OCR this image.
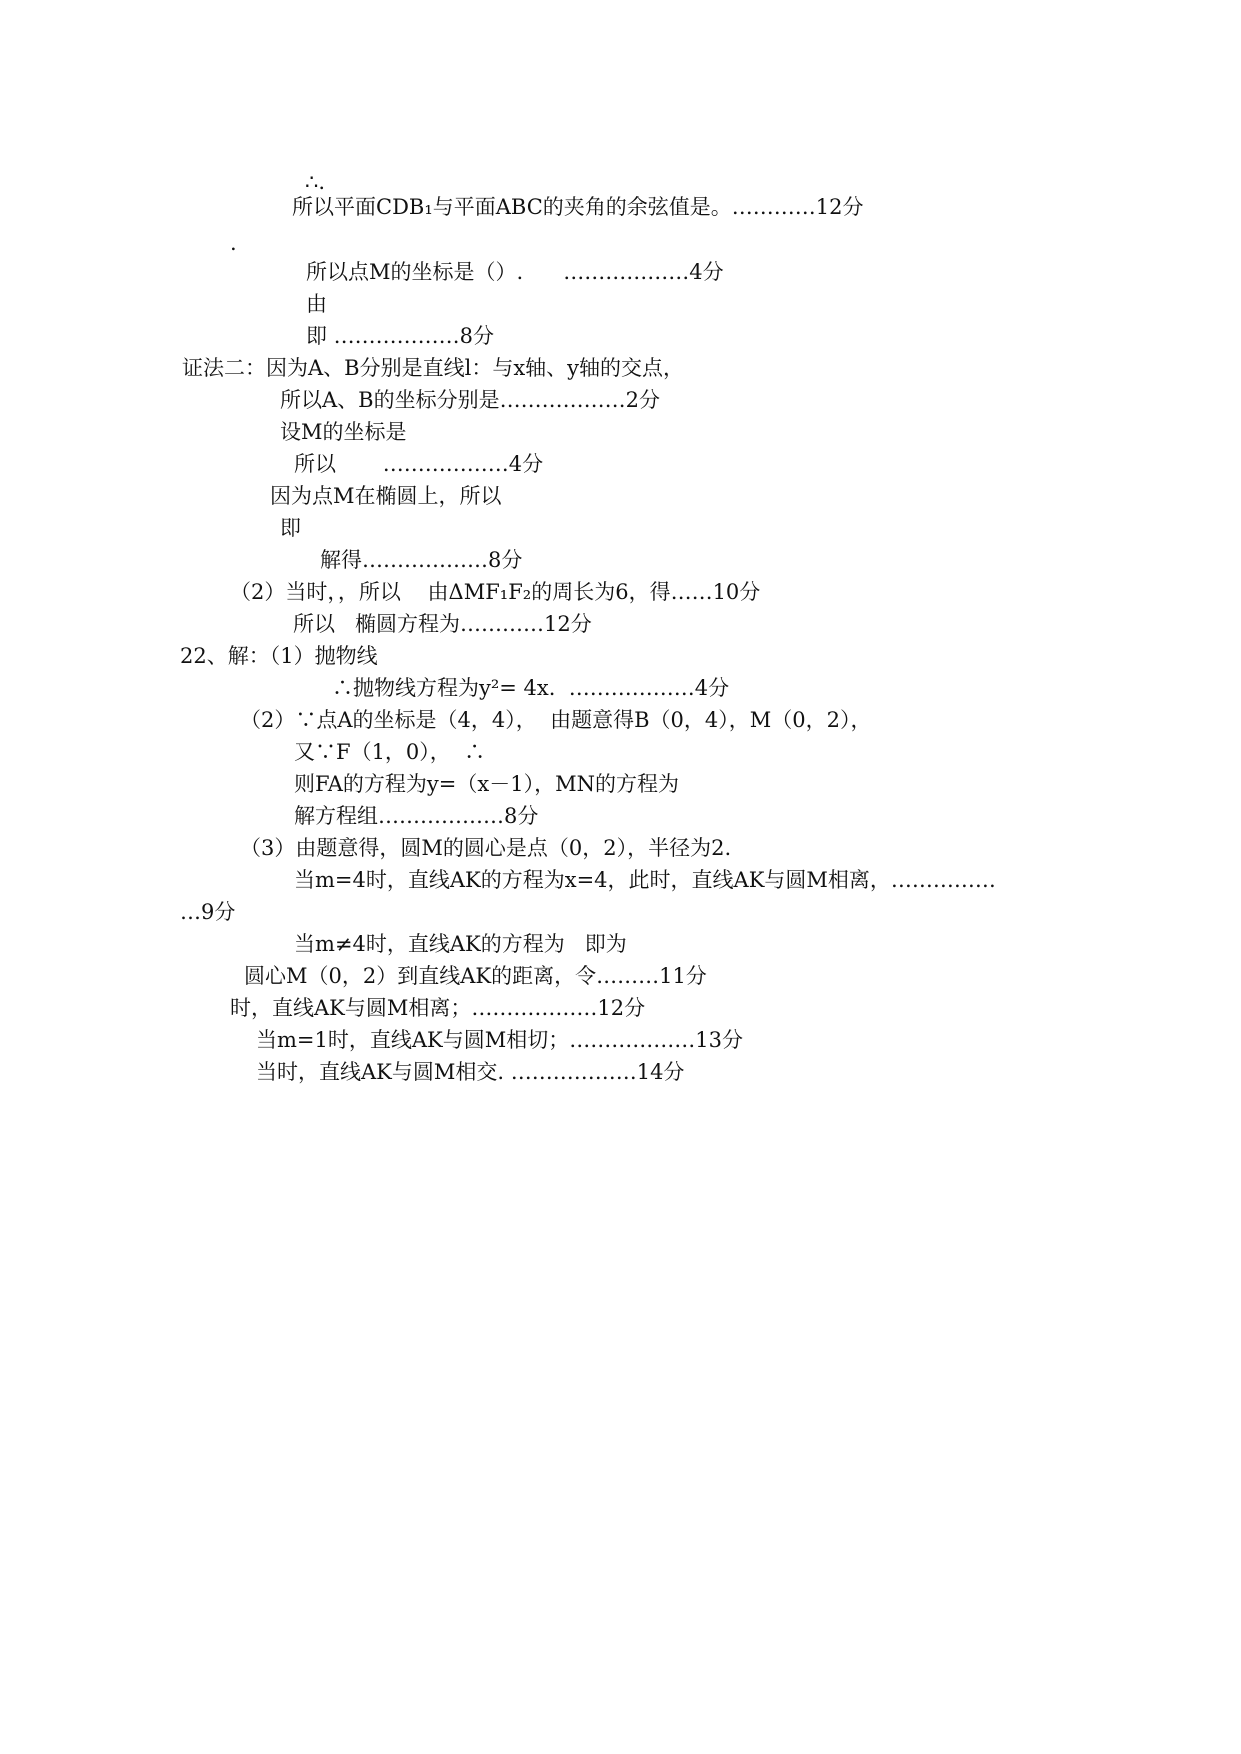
∴.
所以平面CDB₁与平面ABC的夹角的余弦值是。…………12分
.
所以点M的坐标是（）.      ………………4分
由
即 ………………8分
证法二：因为A、B分别是直线l：与x轴、y轴的交点，
所以A、B的坐标分别是………………2分
设M的坐标是
所以       ………………4分
因为点M在椭圆上，所以
即
解得………………8分
（2）当时，，所以    由ΔMF₁F₂的周长为6，得……10分
所以   椭圆方程为…………12分
22、解：（1）抛物线
∴抛物线方程为y²= 4x.  ………………4分
（2）∵点A的坐标是（4，4），  由题意得B（0，4），M（0，2），
又∵F（1，0），  ∴
则FA的方程为y=（x－1），MN的方程为
解方程组………………8分
（3）由题意得，圆M的圆心是点（0，2），半径为2.
当m=4时，直线AK的方程为x=4，此时，直线AK与圆M相离，……………
…9分
当m≠4时，直线AK的方程为   即为
圆心M（0，2）到直线AK的距离，令………11分
时，直线AK与圆M相离；………………12分
当m=1时，直线AK与圆M相切；………………13分
当时，直线AK与圆M相交. ………………14分
